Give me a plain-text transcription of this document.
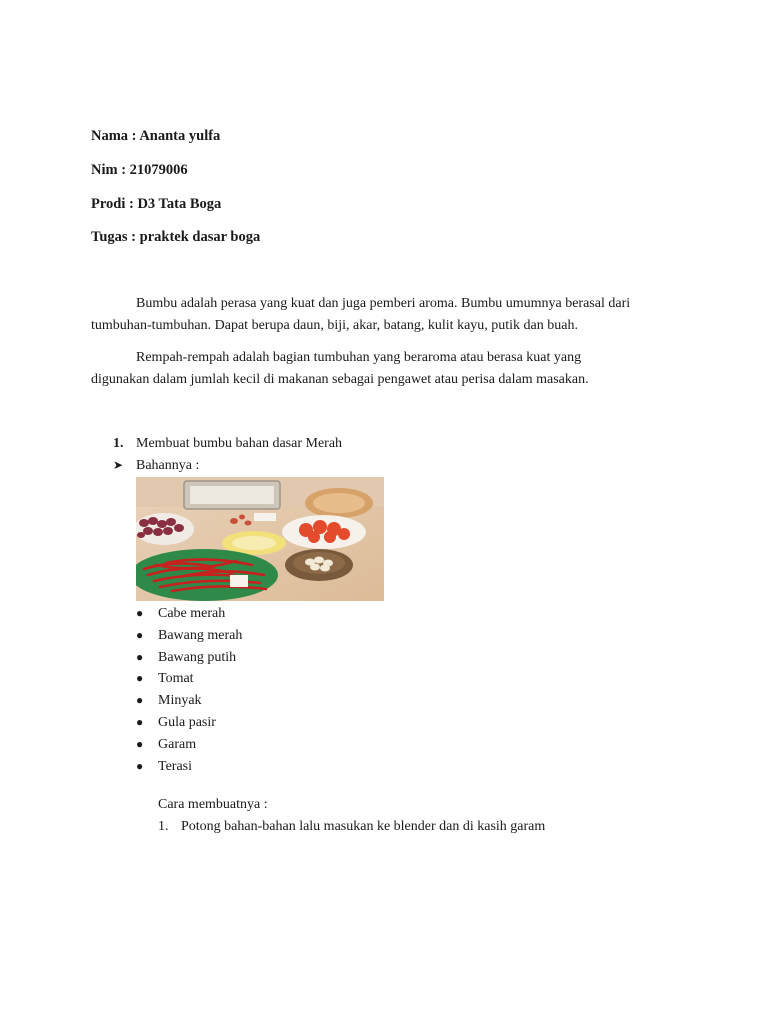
Nama : Ananta yulfa
Nim : 21079006
Prodi : D3 Tata Boga
Tugas : praktek dasar boga
Bumbu adalah perasa yang kuat dan juga pemberi aroma. Bumbu umumnya berasal dari
tumbuhan-tumbuhan. Dapat berupa daun, biji, akar, batang, kulit kayu, putik dan buah.
Rempah-rempah adalah bagian tumbuhan yang beraroma atau berasa kuat yang
digunakan dalam jumlah kecil di makanan sebagai pengawet atau perisa dalam masakan.
1. Membuat bumbu bahan dasar Merah
➤ Bahannya :
● Cabe merah
● Bawang merah
● Bawang putih
● Tomat
● Minyak
● Gula pasir
● Garam
● Terasi
Cara membuatnya :
1. Potong bahan-bahan lalu masukan ke blender dan di kasih garam
